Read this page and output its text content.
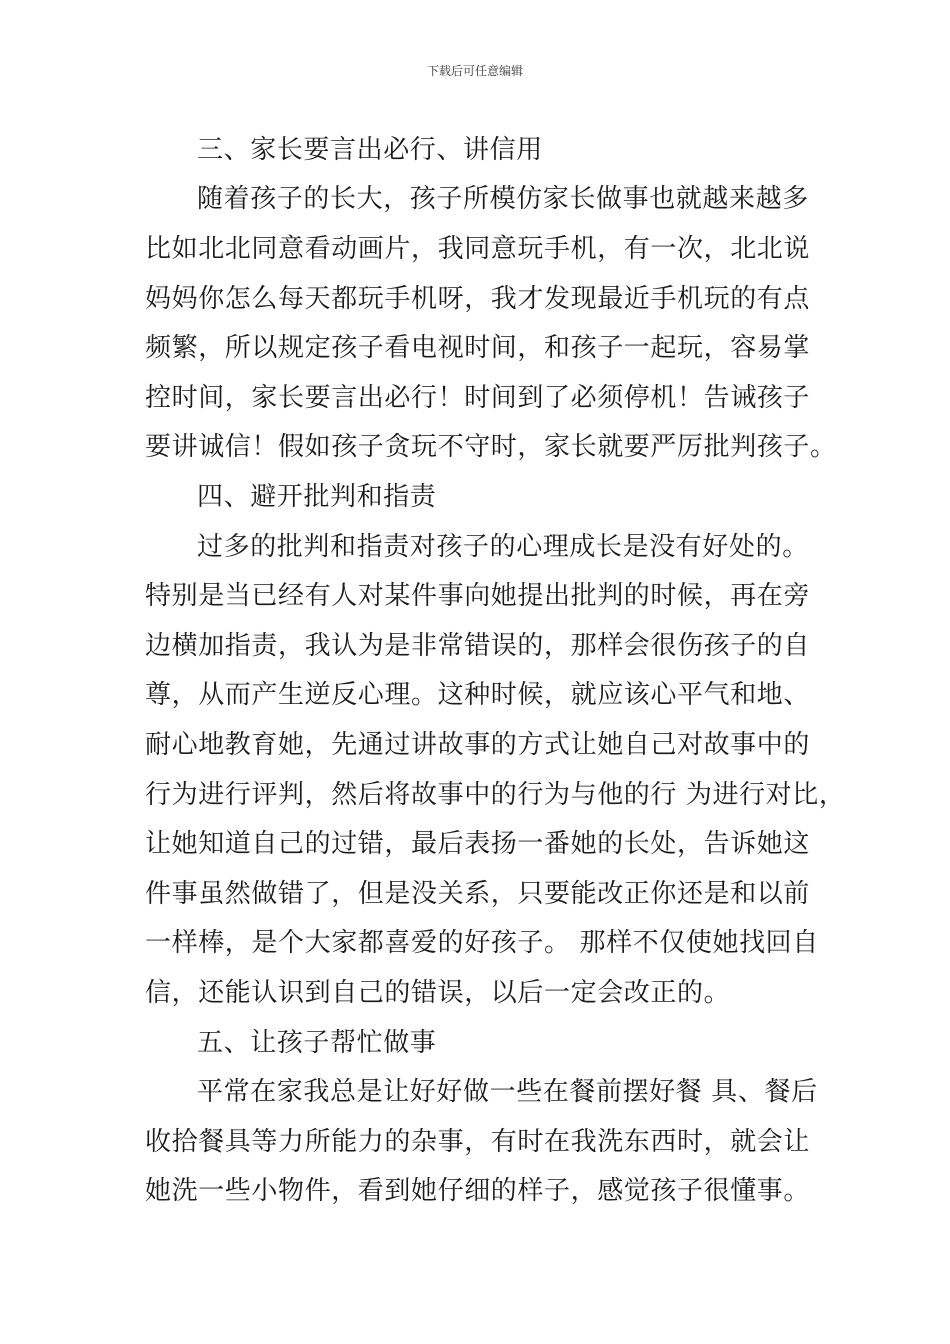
下载后可任意编辑
三、家长要言出必行、讲信用
随着孩子的长大，孩子所模仿家长做事也就越来越多
比如北北同意看动画片，我同意玩手机，有一次，北北说
妈妈你怎么每天都玩手机呀，我才发现最近手机玩的有点
频繁，所以规定孩子看电视时间，和孩子一起玩，容易掌
控时间，家长要言出必行！时间到了必须停机！告诫孩子
要讲诚信！假如孩子贪玩不守时，家长就要严厉批判孩子。
四、避开批判和指责
过多的批判和指责对孩子的心理成长是没有好处的。
特别是当已经有人对某件事向她提出批判的时候，再在旁
边横加指责，我认为是非常错误的，那样会很伤孩子的自
尊，从而产生逆反心理。这种时候，就应该心平气和地、
耐心地教育她，先通过讲故事的方式让她自己对故事中的
行为进行评判，然后将故事中的行为与他的行 为进行对比，
让她知道自己的过错，最后表扬一番她的长处，告诉她这
件事虽然做错了，但是没关系，只要能改正你还是和以前
一样棒，是个大家都喜爱的好孩子。 那样不仅使她找回自
信，还能认识到自己的错误，以后一定会改正的。
五、让孩子帮忙做事
平常在家我总是让好好做一些在餐前摆好餐 具、餐后
收拾餐具等力所能力的杂事，有时在我洗东西时，就会让
她洗一些小物件，看到她仔细的样子，感觉孩子很懂事。
